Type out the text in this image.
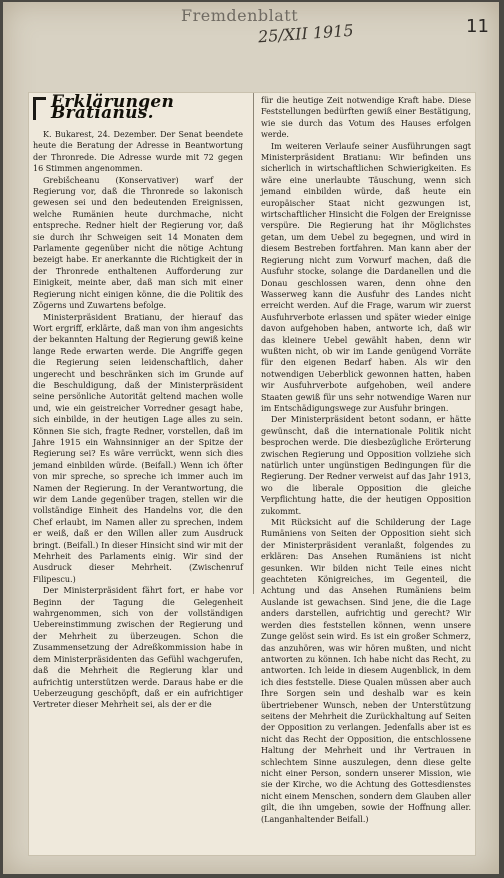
Fremdenblatt
25/XII 1915	11
Erklärungen Bratianus.

K. Bukarest, 24. Dezember. Der Senat beendete heute die Beratung der Adresse in Beantwortung der Thronrede. Die Adresse wurde mit 72 gegen 16 Stimmen angenommen.

Grebišcheanu (Konservativer) warf der Regierung vor, daß die Thronrede so lakonisch gewesen sei und den bedeutenden Ereignissen, welche Rumänien heute durchmache, nicht entspreche. Redner hielt der Regierung vor, daß sie durch ihr Schweigen seit 14 Monaten dem Parlamente gegenüber nicht die nötige Achtung bezeigt habe. Er anerkannte die Richtigkeit der in der Thronrede enthaltenen Aufforderung zur Einigkeit, meinte aber, daß man sich mit einer Regierung nicht einigen könne, die die Politik des Zögerns und Zuwartens befolge.

Ministerpräsident Bratianu, der hierauf das Wort ergriff, erklärte, daß man von ihm angesichts der bekannten Haltung der Regierung gewiß keine lange Rede erwarten werde. Die Angriffe gegen die Regierung seien leidenschaftlich, daher ungerecht und beschränken sich im Grunde auf die Beschuldigung, daß der Ministerpräsident seine persönliche Autorität geltend machen wolle und, wie ein geistreicher Vorredner gesagt habe, sich einbilde, in der heutigen Lage alles zu sein. Können Sie sich, fragte Redner, vorstellen, daß im Jahre 1915 ein Wahnsinniger an der Spitze der Regierung sei? Es wäre verrückt, wenn sich dies jemand einbilden würde. (Beifall.) Wenn ich öfter von mir spreche, so spreche ich immer auch im Namen der Regierung. In der Verantwortung, die wir dem Lande gegenüber tragen, stellen wir die vollständige Einheit des Handelns vor, die den Chef erlaubt, im Namen aller zu sprechen, indem er weiß, daß er den Willen aller zum Ausdruck bringt. (Beifall.) In dieser Hinsicht sind wir mit der Mehrheit des Parlaments einig. Wir sind der Ausdruck dieser Mehrheit. (Zwischenruf Filipescu.)

Der Ministerpräsident fährt fort, er habe vor Beginn der Tagung die Gelegenheit wahrgenommen, sich von der vollständigen Uebereinstimmung zwischen der Regierung und der Mehrheit zu überzeugen. Schon die Zusammensetzung der Adreßkommission habe in dem Ministerpräsidenten das Gefühl wachgerufen, daß die Mehrheit die Regierung klar und aufrichtig unterstützen werde. Daraus habe er die Ueberzeugung geschöpft, daß er ein aufrichtiger Vertreter dieser Mehrheit sei, als der er die

für die heutige Zeit notwendige Kraft habe. Diese Feststellungen bedürften gewiß einer Bestätigung, wie sie durch das Votum des Hauses erfolgen werde.

Im weiteren Verlaufe seiner Ausführungen sagt Ministerpräsident Bratianu: Wir befinden uns sicherlich in wirtschaftlichen Schwierigkeiten. Es wäre eine unerlaubte Täuschung, wenn sich jemand einbilden würde, daß heute ein europäischer Staat nicht gezwungen ist, wirtschaftlicher Hinsicht die Folgen der Ereignisse verspüre. Die Regierung hat ihr Möglichstes getan, um dem Uebel zu begegnen, und wird in diesem Bestreben fortfahren. Man kann aber der Regierung nicht zum Vorwurf machen, daß die Ausfuhr stocke, solange die Dardanellen und die Donau geschlossen waren, denn ohne den Wasserweg kann die Ausfuhr des Landes nicht erreicht werden. Auf die Frage, warum wir zuerst Ausfuhrverbote erlassen und später wieder einige davon aufgehoben haben, antworte ich, daß wir das kleinere Uebel gewählt haben, denn wir wußten nicht, ob wir im Lande genügend Vorräte für den eigenen Bedarf haben. Als wir den notwendigen Ueberblick gewonnen hatten, haben wir Ausfuhrverbote aufgehoben, weil andere Staaten gewiß für uns sehr notwendige Waren nur im Entschädigungswege zur Ausfuhr bringen.

Der Ministerpräsident betont sodann, er hätte gewünscht, daß die internationale Politik nicht besprochen werde. Die diesbezügliche Erörterung zwischen Regierung und Opposition vollziehe sich natürlich unter ungünstigen Bedingungen für die Regierung. Der Redner verweist auf das Jahr 1913, wo die liberale Opposition die gleiche Verpflichtung hatte, die der heutigen Opposition zukommt.

Mit Rücksicht auf die Schilderung der Lage Rumäniens von Seiten der Opposition sieht sich der Ministerpräsident veranlaßt, folgendes zu erklären: Das Ansehen Rumäniens ist nicht gesunken. Wir bilden nicht Teile eines nicht geachteten Königreiches, im Gegenteil, die Achtung und das Ansehen Rumäniens beim Auslande ist gewachsen. Sind jene, die die Lage anders darstellen, aufrichtig und gerecht? Wir werden dies feststellen können, wenn unsere Zunge gelöst sein wird. Es ist ein großer Schmerz, das anzuhören, was wir hören mußten, und nicht antworten zu können. Ich habe nicht das Recht, zu antworten. Ich leide in diesem Augenblick, in dem ich dies feststelle. Diese Qualen müssen aber auch Ihre Sorgen sein und deshalb war es kein übertriebener Wunsch, neben der Unterstützung seitens der Mehrheit die Zurückhaltung auf Seiten der Opposition zu verlangen. Jedenfalls aber ist es nicht das Recht der Opposition, die entschlossene Haltung der Mehrheit und ihr Vertrauen in schlechtem Sinne auszulegen, denn diese gelte nicht einer Person, sondern unserer Mission, wie sie der Kirche, wo die Achtung des Gottesdienstes nicht einem Menschen, sondern dem Glauben aller gilt, die ihn umgeben, sowie der Hoffnung aller. (Langanhaltender Beifall.)
